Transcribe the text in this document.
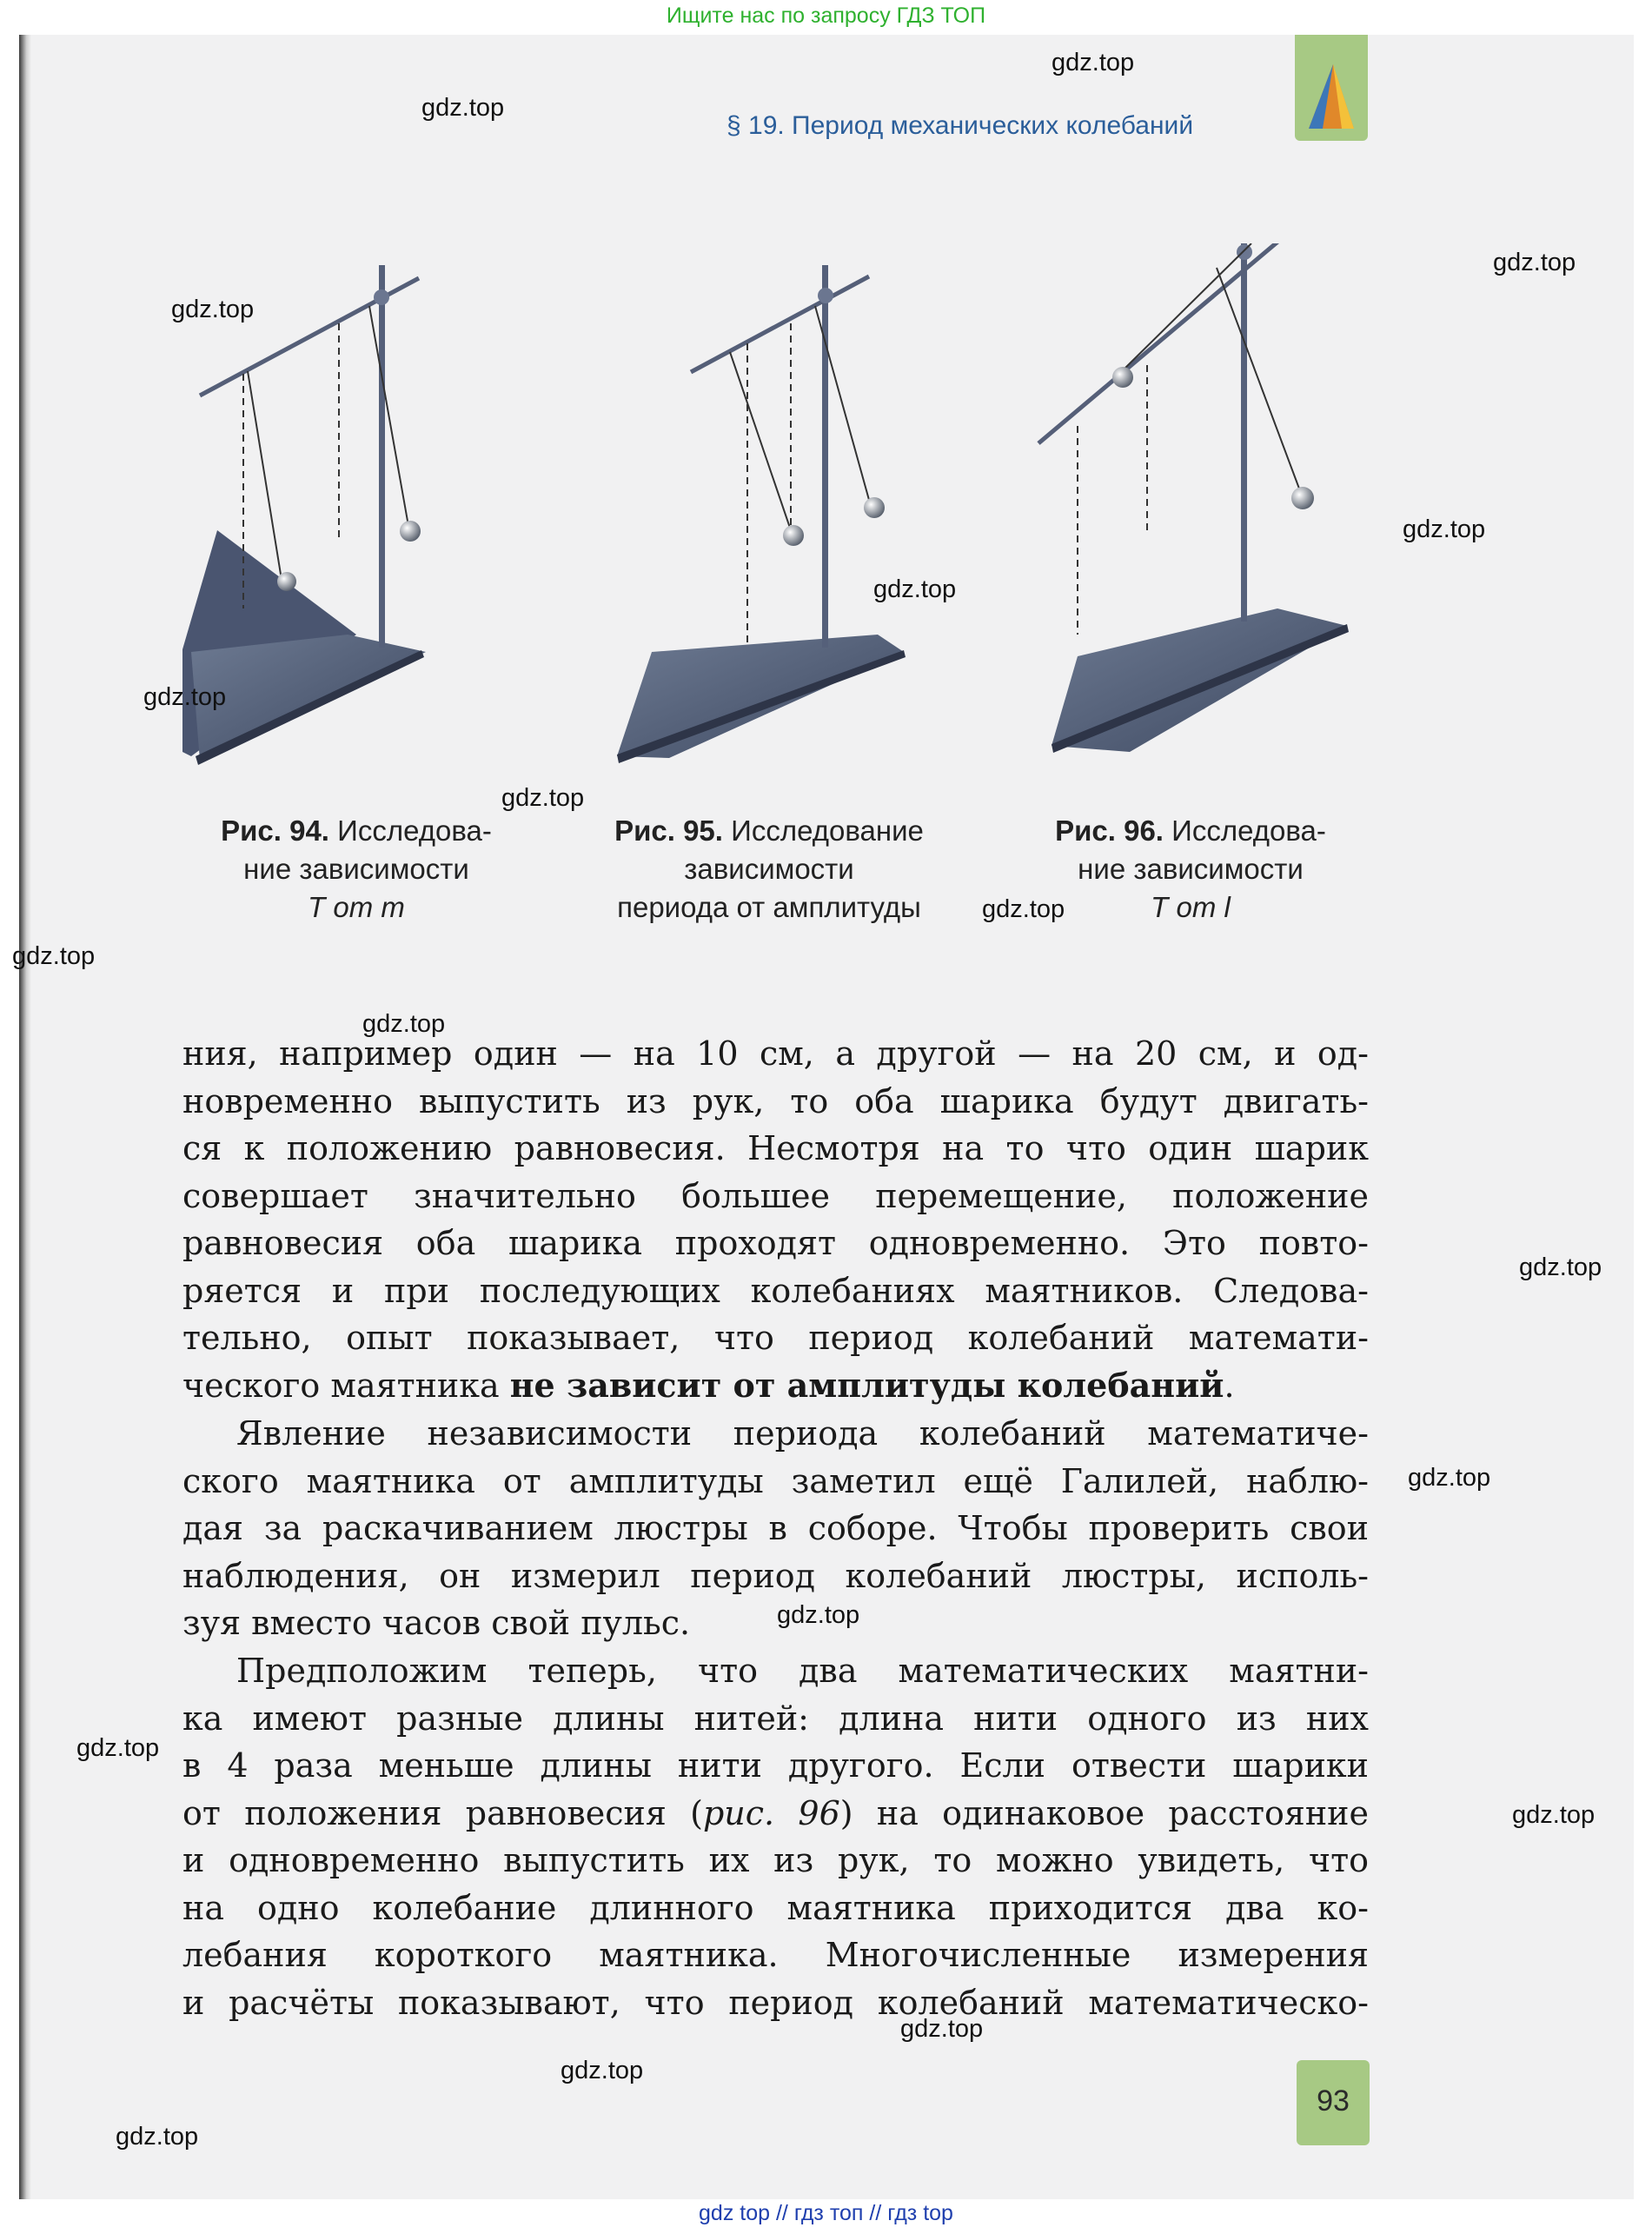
Ищите нас по запросу ГДЗ ТОП
§ 19. Период механических колебаний
Рис. 94. Исследова-
ние зависимости
T от m
Рис. 95. Исследование
зависимости
периода от амплитуды
Рис. 96. Исследова-
ние зависимости
T от l
ния, например один — на 10 см, а другой — на 20 см, и од-
новременно выпустить из рук, то оба шарика будут двигать-
ся к положению равновесия. Несмотря на то что один шарик
совершает значительно большее перемещение, положение
равновесия оба шарика проходят одновременно. Это повто-
ряется и при последующих колебаниях маятников. Следова-
тельно, опыт показывает, что период колебаний математи-
ческого маятника не зависит от амплитуды колебаний.
Явление независимости периода колебаний математиче-
ского маятника от амплитуды заметил ещё Галилей, наблю-
дая за раскачиванием люстры в соборе. Чтобы проверить свои
наблюдения, он измерил период колебаний люстры, исполь-
зуя вместо часов свой пульс.
Предположим теперь, что два математических маятни-
ка имеют разные длины нитей: длина нити одного из них
в 4 раза меньше длины нити другого. Если отвести шарики
от положения равновесия (рис. 96) на одинаковое расстояние
и одновременно выпустить их из рук, то можно увидеть, что
на одно колебание длинного маятника приходится два ко-
лебания короткого маятника. Многочисленные измерения
и расчёты показывают, что период колебаний математическо-
93
gdz top // гдз топ // гдз top
gdz.top
gdz.top
gdz.top
gdz.top
gdz.top
gdz.top
gdz.top
gdz.top
gdz.top
gdz.top
gdz.top
gdz.top
gdz.top
gdz.top
gdz.top
gdz.top
gdz.top
gdz.top
gdz.top
